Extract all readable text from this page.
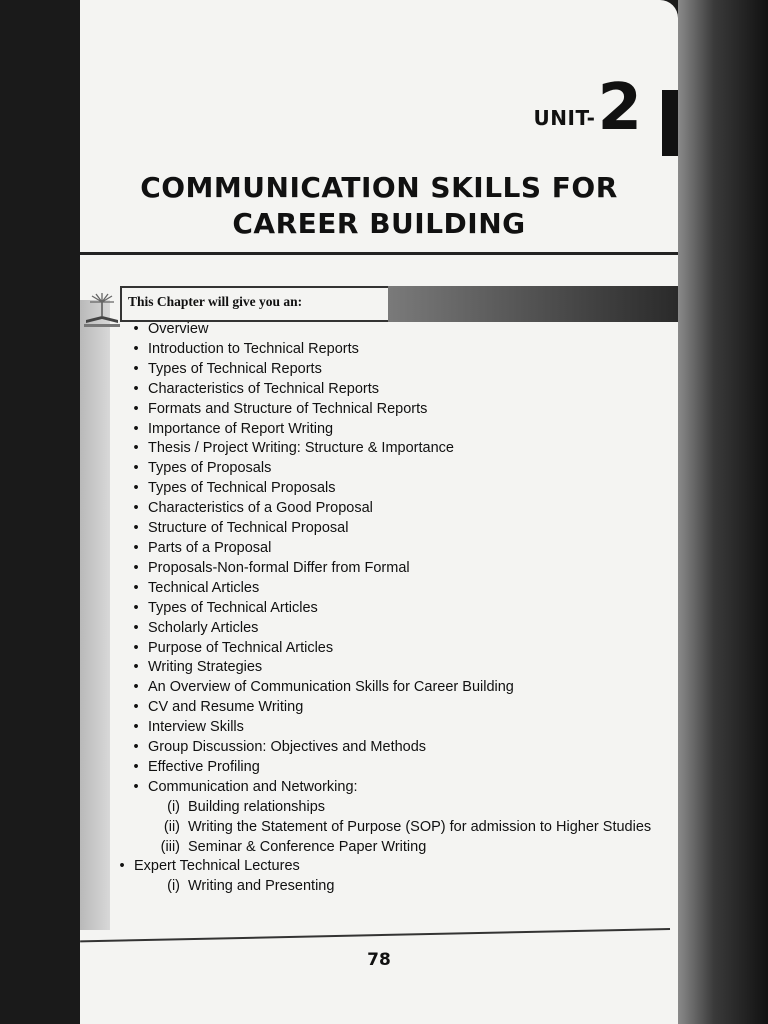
UNIT- 2
COMMUNICATION SKILLS FOR
CAREER BUILDING
This Chapter will give you an:
• Overview
• Introduction to Technical Reports
• Types of Technical Reports
• Characteristics of Technical Reports
• Formats and Structure of Technical Reports
• Importance of Report Writing
• Thesis / Project Writing: Structure & Importance
• Types of Proposals
• Types of Technical Proposals
• Characteristics of a Good Proposal
• Structure of Technical Proposal
• Parts of a Proposal
• Proposals-Non-formal Differ from Formal
• Technical Articles
• Types of Technical Articles
• Scholarly Articles
• Purpose of Technical Articles
• Writing Strategies
• An Overview of Communication Skills for Career Building
• CV and Resume Writing
• Interview Skills
• Group Discussion: Objectives and Methods
• Effective Profiling
• Communication and Networking:
(i) Building relationships
(ii) Writing the Statement of Purpose (SOP) for admission to Higher Studies
(iii) Seminar & Conference Paper Writing
• Expert Technical Lectures
(i) Writing and Presenting
78
